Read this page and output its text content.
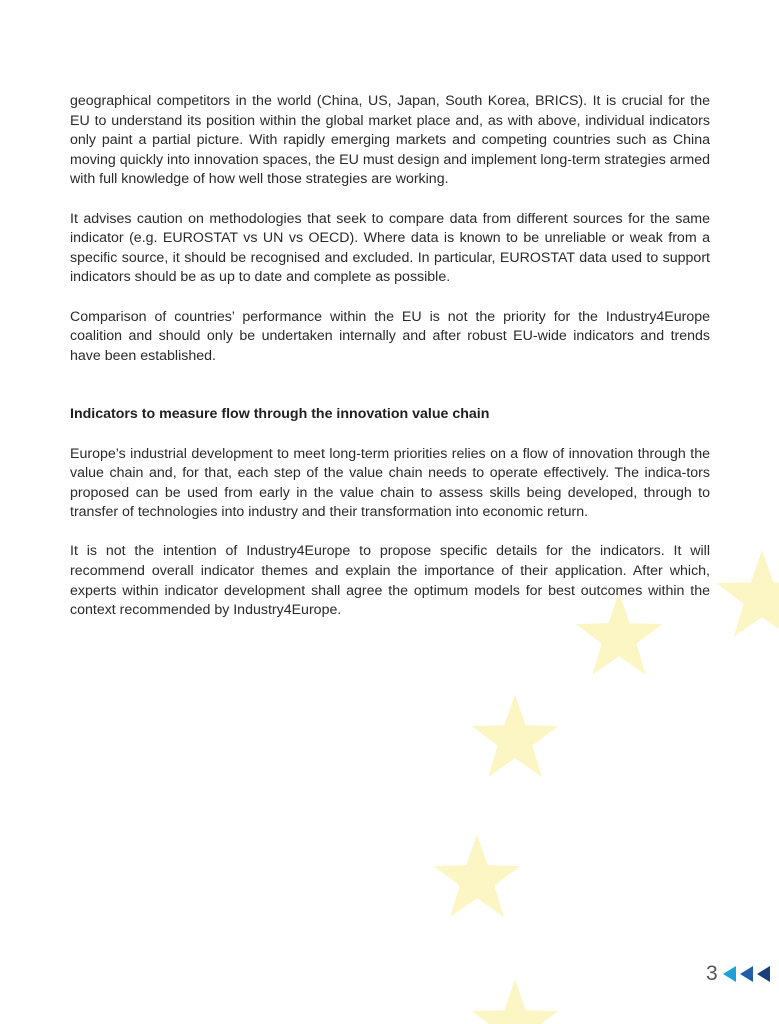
geographical competitors in the world (China, US, Japan, South Korea, BRICS). It is crucial for the EU to understand its position within the global market place and, as with above, individual indicators only paint a partial picture. With rapidly emerging markets and competing countries such as China moving quickly into innovation spaces, the EU must design and implement long-term strategies armed with full knowledge of how well those strategies are working.

It advises caution on methodologies that seek to compare data from different sources for the same indicator (e.g. EUROSTAT vs UN vs OECD). Where data is known to be unreliable or weak from a specific source, it should be recognised and excluded. In particular, EUROSTAT data used to support indicators should be as up to date and complete as possible.

Comparison of countries’ performance within the EU is not the priority for the Industry4Europe coalition and should only be undertaken internally and after robust EU-wide indicators and trends have been established.

Indicators to measure flow through the innovation value chain

Europe’s industrial development to meet long-term priorities relies on a flow of innovation through the value chain and, for that, each step of the value chain needs to operate effectively. The indica-tors proposed can be used from early in the value chain to assess skills being developed, through to transfer of technologies into industry and their transformation into economic return.

It is not the intention of Industry4Europe to propose specific details for the indicators. It will recommend overall indicator themes and explain the importance of their application. After which, experts within indicator development shall agree the optimum models for best outcomes within the context recommended by Industry4Europe.

3
